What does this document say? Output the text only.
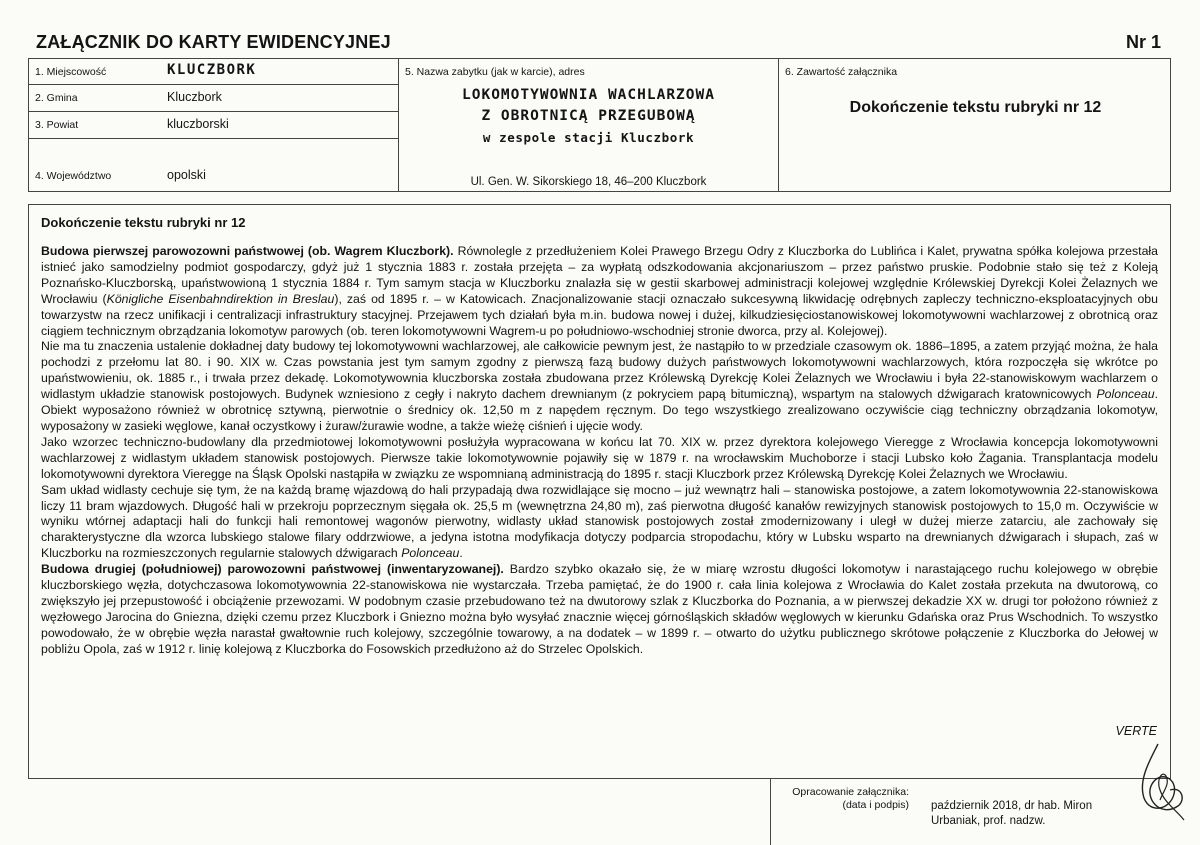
ZAŁĄCZNIK DO KARTY EWIDENCYJNEJ	Nr 1
1. Miejscowość	KLUCZBORK
2. Gmina	Kluczbork
3. Powiat	kluczborski
4. Województwo	opolski
5. Nazwa zabytku (jak w karcie), adres
LOKOMOTYWOWNIA WACHLARZOWA
Z OBROTNICĄ PRZEGUBOWĄ
w zespole stacji Kluczbork
Ul. Gen. W. Sikorskiego 18, 46–200 Kluczbork
6. Zawartość załącznika
Dokończenie tekstu rubryki nr 12
Dokończenie tekstu rubryki nr 12

Budowa pierwszej parowozowni państwowej (ob. Wagrem Kluczbork). Równolegle z przedłużeniem Kolei Prawego Brzegu Odry z Kluczborka do Lublińca i Kalet, prywatna spółka kolejowa przestała istnieć jako samodzielny podmiot gospodarczy, gdyż już 1 stycznia 1883 r. została przejęta – za wypłatą odszkodowania akcjonariuszom – przez państwo pruskie. Podobnie stało się też z Koleją Poznańsko-Kluczborską, upaństwowioną 1 stycznia 1884 r. Tym samym stacja w Kluczborku znalazła się w gestii skarbowej administracji kolejowej względnie Królewskiej Dyrekcji Kolei Żelaznych we Wrocławiu (Königliche Eisenbahndirektion in Breslau), zaś od 1895 r. – w Katowicach. Znacjonalizowanie stacji oznaczało sukcesywną likwidację odrębnych zapleczy techniczno-eksploatacyjnych obu towarzystw na rzecz unifikacji i centralizacji infrastruktury stacyjnej. Przejawem tych działań była m.in. budowa nowej i dużej, kilkudziesięciostanowiskowej lokomotywowni wachlarzowej z obrotnicą oraz ciągiem technicznym obrządzania lokomotyw parowych (ob. teren lokomotywowni Wagrem-u po południowo-wschodniej stronie dworca, przy al. Kolejowej).

Nie ma tu znaczenia ustalenie dokładnej daty budowy tej lokomotywowni wachlarzowej, ale całkowicie pewnym jest, że nastąpiło to w przedziale czasowym ok. 1886–1895, a zatem przyjąć można, że hala pochodzi z przełomu lat 80. i 90. XIX w. Czas powstania jest tym samym zgodny z pierwszą fazą budowy dużych państwowych lokomotywowni wachlarzowych, która rozpoczęła się wkrótce po upaństwowieniu, ok. 1885 r., i trwała przez dekadę. Lokomotywownia kluczborska została zbudowana przez Królewską Dyrekcję Kolei Żelaznych we Wrocławiu i była 22-stanowiskowym wachlarzem o widlastym układzie stanowisk postojowych. Budynek wzniesiono z cegły i nakryto dachem drewnianym (z pokryciem papą bitumiczną), wspartym na stalowych dźwigarach kratownicowych Polonceau. Obiekt wyposażono również w obrotnicę sztywną, pierwotnie o średnicy ok. 12,50 m z napędem ręcznym. Do tego wszystkiego zrealizowano oczywiście ciąg techniczny obrządzania lokomotyw, wyposażony w zasieki węglowe, kanał oczystkowy i żuraw/żurawie wodne, a także wieżę ciśnień i ujęcie wody.

Jako wzorzec techniczno-budowlany dla przedmiotowej lokomotywowni posłużyła wypracowana w końcu lat 70. XIX w. przez dyrektora kolejowego Vieregge z Wrocławia koncepcja lokomotywowni wachlarzowej z widlastym układem stanowisk postojowych. Pierwsze takie lokomotywownie pojawiły się w 1879 r. na wrocławskim Muchoborze i stacji Lubsko koło Żagania. Transplantacja modelu lokomotywowni dyrektora Vieregge na Śląsk Opolski nastąpiła w związku ze wspomnianą administracją do 1895 r. stacji Kluczbork przez Królewską Dyrekcję Kolei Żelaznych we Wrocławiu.

Sam układ widlasty cechuje się tym, że na każdą bramę wjazdową do hali przypadają dwa rozwidlające się mocno – już wewnątrz hali – stanowiska postojowe, a zatem lokomotywownia 22-stanowiskowa liczy 11 bram wjazdowych. Długość hali w przekroju poprzecznym sięgała ok. 25,5 m (wewnętrzna 24,80 m), zaś pierwotna długość kanałów rewizyjnych stanowisk postojowych to 15,0 m. Oczywiście w wyniku wtórnej adaptacji hali do funkcji hali remontowej wagonów pierwotny, widlasty układ stanowisk postojowych został zmodernizowany i uległ w dużej mierze zatarciu, ale zachowały się charakterystyczne dla wzorca lubskiego stalowe filary oddrzwiowe, a jedyna istotna modyfikacja dotyczy podparcia stropodachu, który w Lubsku wsparto na drewnianych dźwigarach i słupach, zaś w Kluczborku na rozmieszczonych regularnie stalowych dźwigarach Polonceau.

Budowa drugiej (południowej) parowozowni państwowej (inwentaryzowanej). Bardzo szybko okazało się, że w miarę wzrostu długości lokomotyw i narastającego ruchu kolejowego w obrębie kluczborskiego węzła, dotychczasowa lokomotywownia 22-stanowiskowa nie wystarczała. Trzeba pamiętać, że do 1900 r. cała linia kolejowa z Wrocławia do Kalet została przekuta na dwutorową, co zwiększyło jej przepustowość i obciążenie przewozami. W podobnym czasie przebudowano też na dwutorowy szlak z Kluczborka do Poznania, a w pierwszej dekadzie XX w. drugi tor położono również z węzłowego Jarocina do Gniezna, dzięki czemu przez Kluczbork i Gniezno można było wysyłać znacznie więcej górnośląskich składów węglowych w kierunku Gdańska oraz Prus Wschodnich. To wszystko powodowało, że w obrębie węzła narastał gwałtownie ruch kolejowy, szczególnie towarowy, a na dodatek – w 1899 r. – otwarto do użytku publicznego skrótowe połączenie z Kluczborka do Jełowej w pobliżu Opola, zaś w 1912 r. linię kolejową z Kluczborka do Fosowskich przedłużono aż do Strzelec Opolskich.

VERTE
Opracowanie załącznika:
(data i podpis) październik 2018, dr hab. Miron
Urbaniak, prof. nadzw.
